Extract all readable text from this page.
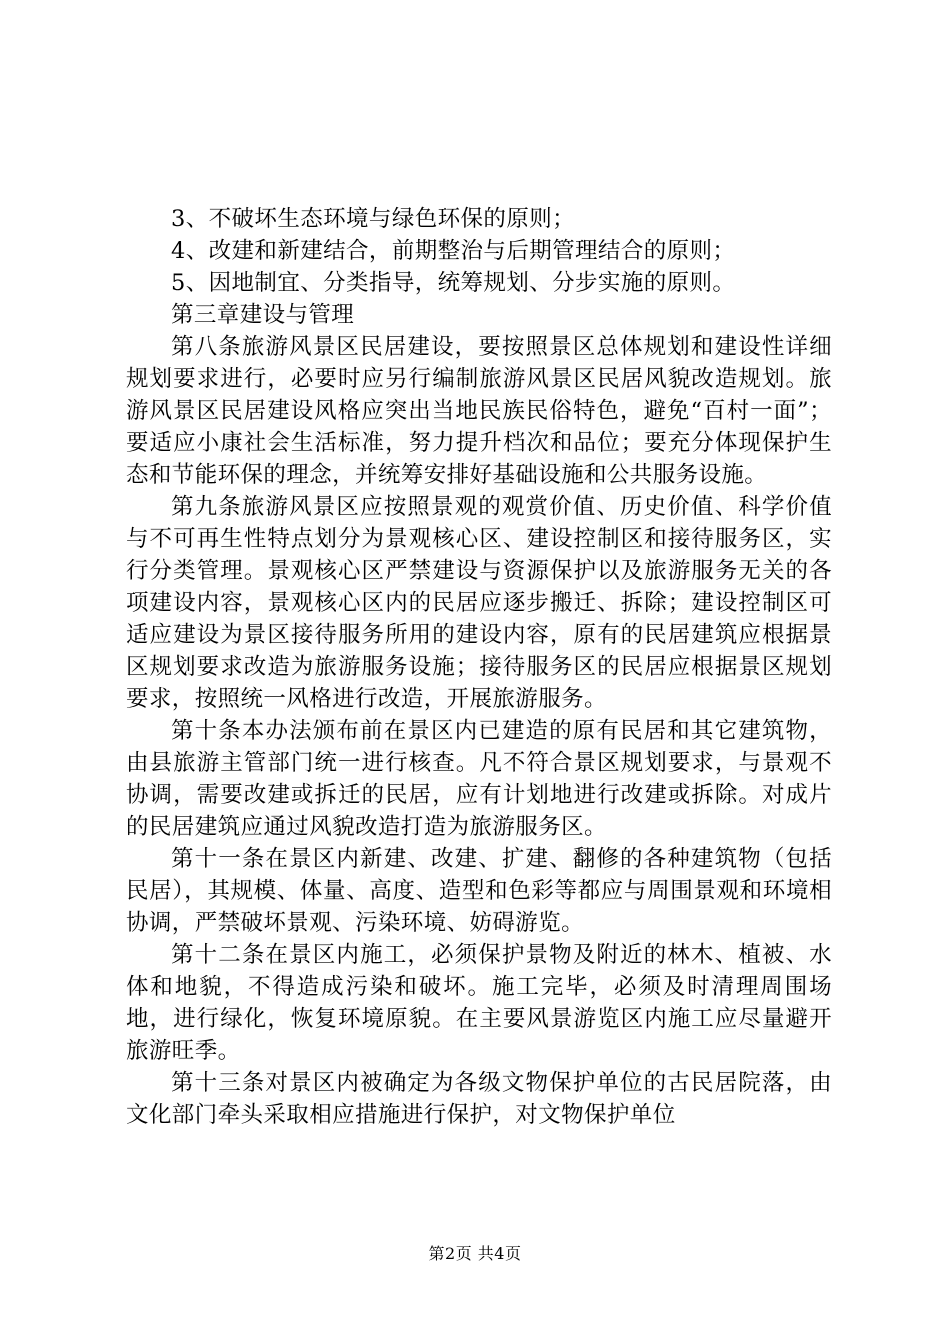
3、不破坏生态环境与绿色环保的原则；

4、改建和新建结合，前期整治与后期管理结合的原则；

5、因地制宜、分类指导，统筹规划、分步实施的原则。

第三章建设与管理

第八条旅游风景区民居建设，要按照景区总体规划和建设性详细规划要求进行，必要时应另行编制旅游风景区民居风貌改造规划。旅游风景区民居建设风格应突出当地民族民俗特色，避免“百村一面”；要适应小康社会生活标准，努力提升档次和品位；要充分体现保护生态和节能环保的理念，并统筹安排好基础设施和公共服务设施。

第九条旅游风景区应按照景观的观赏价值、历史价值、科学价值与不可再生性特点划分为景观核心区、建设控制区和接待服务区，实行分类管理。景观核心区严禁建设与资源保护以及旅游服务无关的各项建设内容，景观核心区内的民居应逐步搬迁、拆除；建设控制区可适应建设为景区接待服务所用的建设内容，原有的民居建筑应根据景区规划要求改造为旅游服务设施；接待服务区的民居应根据景区规划要求，按照统一风格进行改造，开展旅游服务。

第十条本办法颁布前在景区内已建造的原有民居和其它建筑物，由县旅游主管部门统一进行核查。凡不符合景区规划要求，与景观不协调，需要改建或拆迁的民居，应有计划地进行改建或拆除。对成片的民居建筑应通过风貌改造打造为旅游服务区。

第十一条在景区内新建、改建、扩建、翻修的各种建筑物（包括民居），其规模、体量、高度、造型和色彩等都应与周围景观和环境相协调，严禁破坏景观、污染环境、妨碍游览。

第十二条在景区内施工，必须保护景物及附近的林木、植被、水体和地貌，不得造成污染和破坏。施工完毕，必须及时清理周围场地，进行绿化，恢复环境原貌。在主要风景游览区内施工应尽量避开旅游旺季。

第十三条对景区内被确定为各级文物保护单位的古民居院落，由文化部门牵头采取相应措施进行保护，对文物保护单位

第2页 共4页
